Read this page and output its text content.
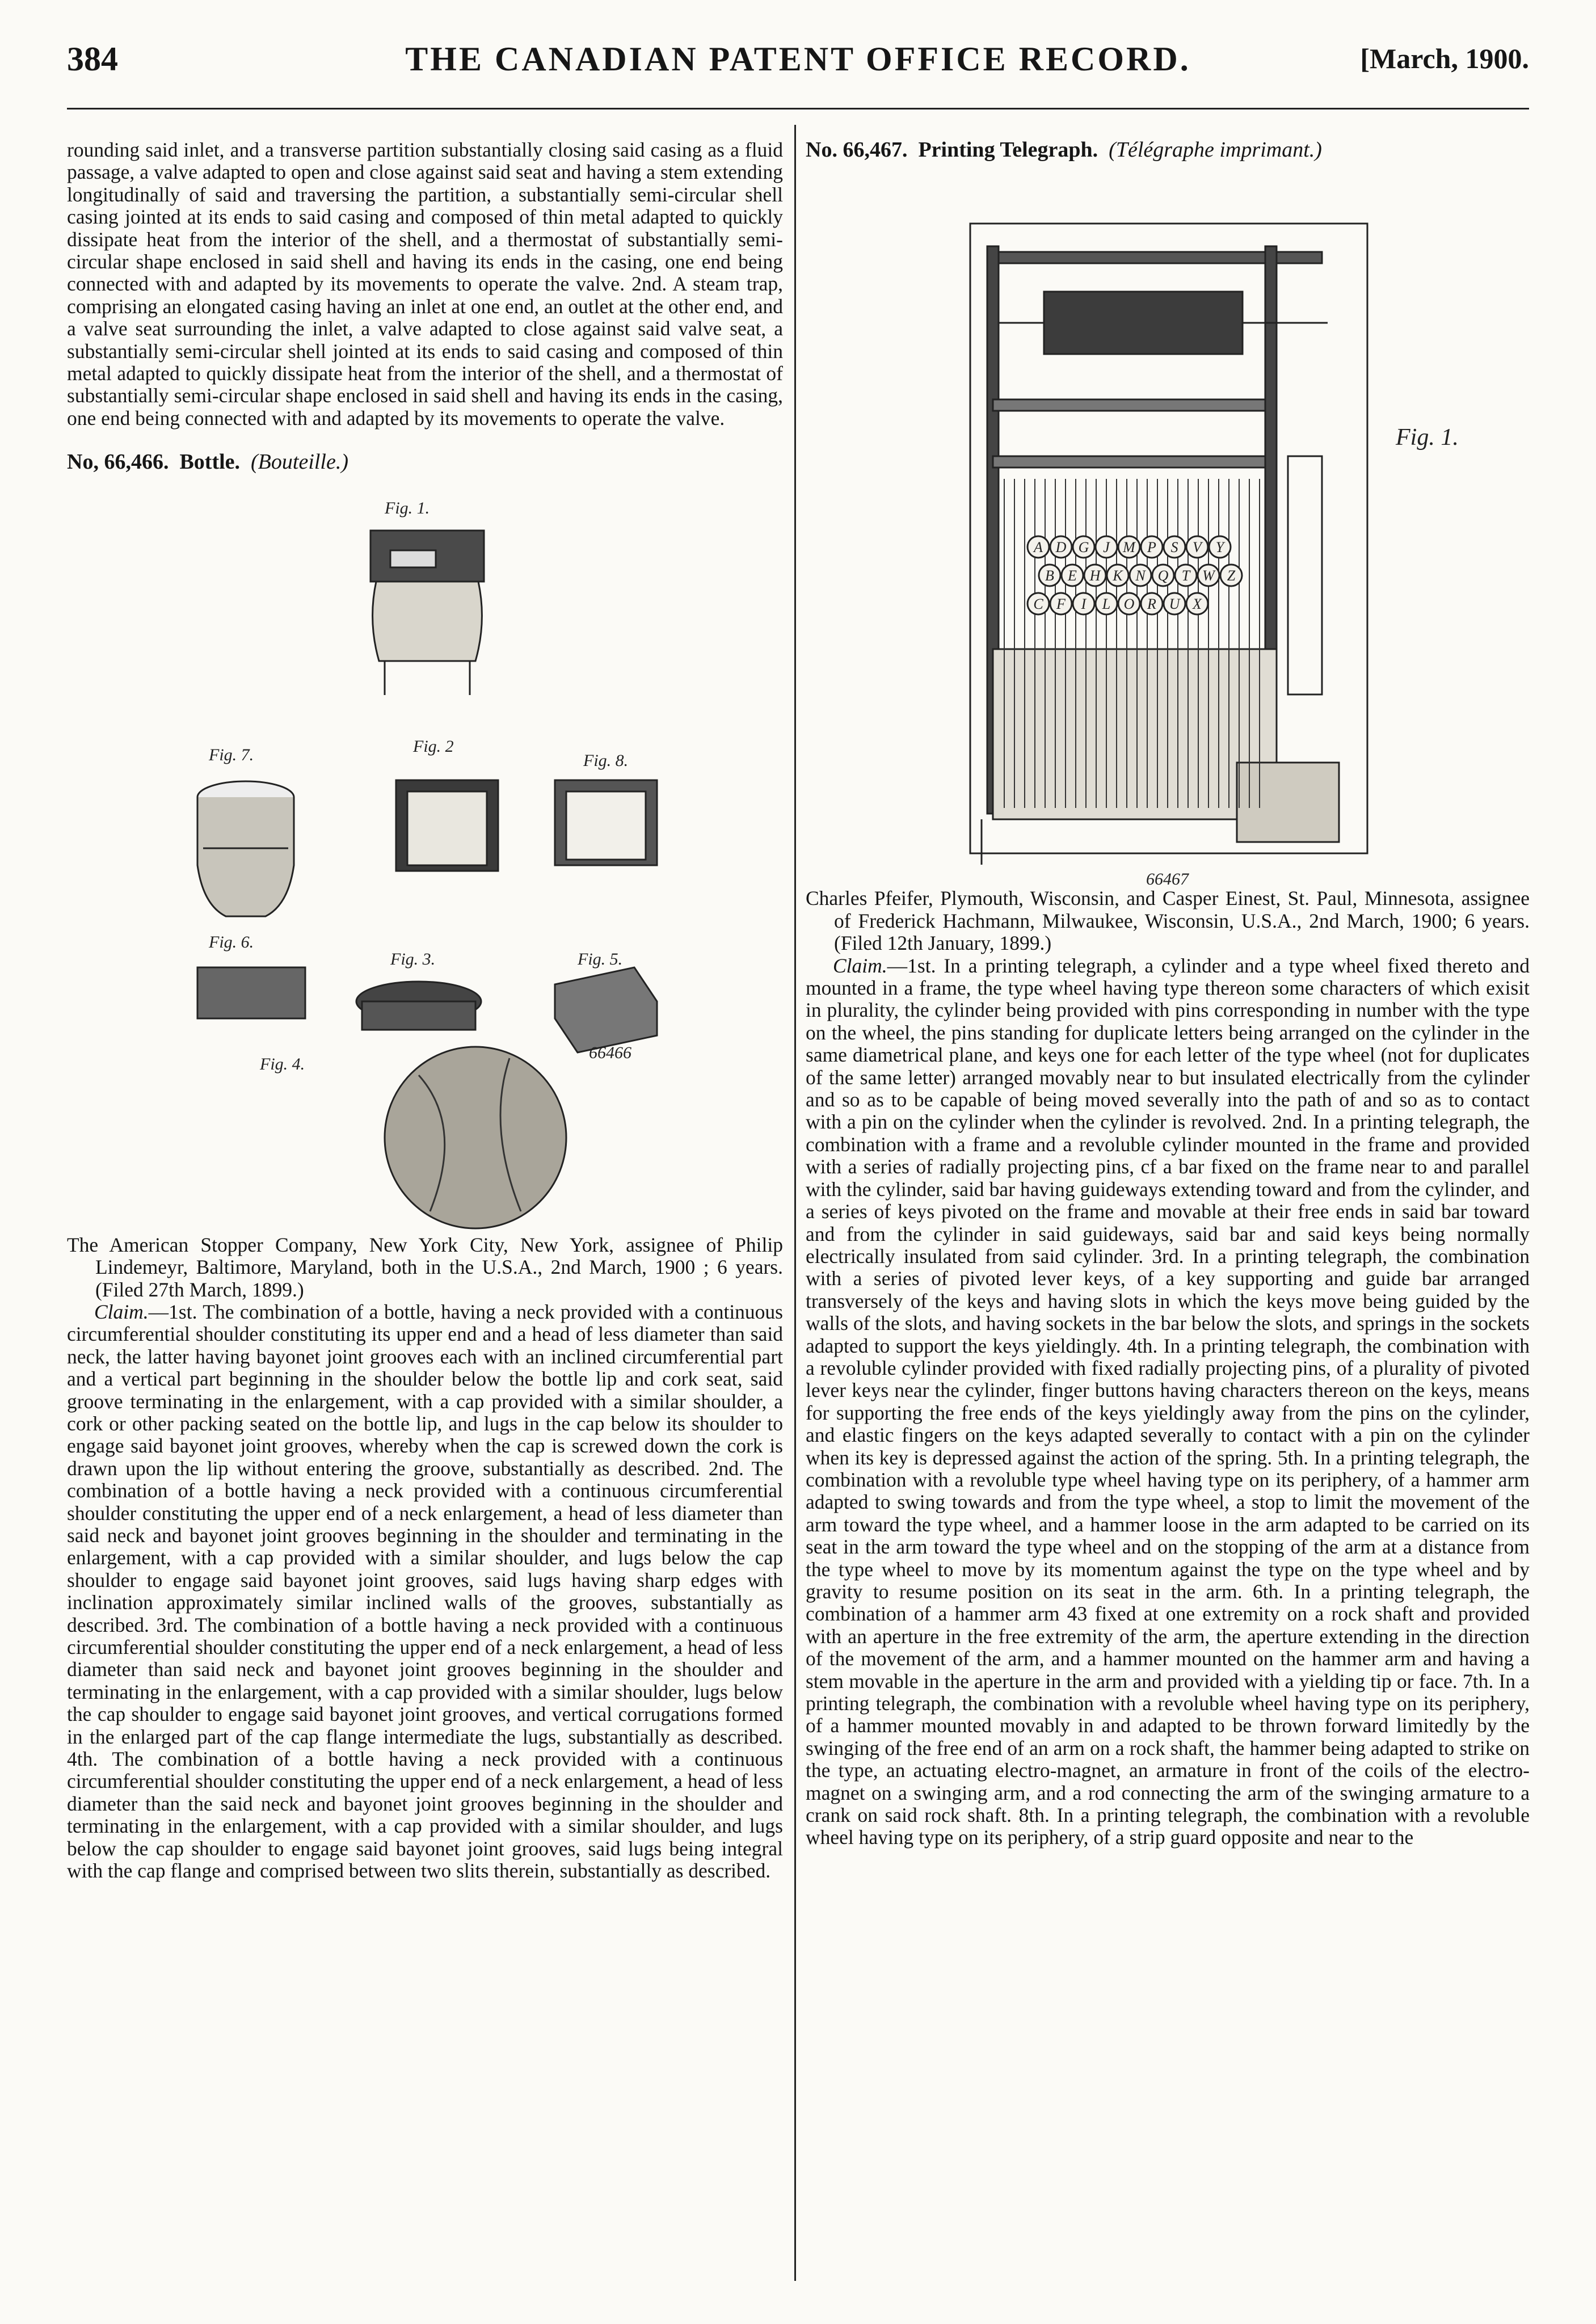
384	THE CANADIAN PATENT OFFICE RECORD.	[March, 1900.

rounding said inlet, and a transverse partition substantially closing said casing as a fluid passage, a valve adapted to open and close against said seat and having a stem extending longitudinally of said and traversing the partition, a substantially semi-circular shell casing jointed at its ends to said casing and composed of thin metal adapted to quickly dissipate heat from the interior of the shell, and a thermostat of substantially semi-circular shape enclosed in said shell and having its ends in the casing, one end being connected with and adapted by its movements to operate the valve. 2nd. A steam trap, comprising an elongated casing having an inlet at one end, an outlet at the other end, and a valve seat surrounding the inlet, a valve adapted to close against said valve seat, a substantially semi-circular shell jointed at its ends to said casing and composed of thin metal adapted to quickly dissipate heat from the interior of the shell, and a thermostat of substantially semi-circular shape enclosed in said shell and having its ends in the casing, one end being connected with and adapted by its movements to operate the valve.

No, 66,466. Bottle. (Bouteille.)

Fig. 1.
Fig. 2
Fig. 7.	Fig. 8.
Fig. 6.
Fig. 3.	Fig. 5.
Fig. 4.
66466

The American Stopper Company, New York City, New York, assignee of Philip Lindemeyr, Baltimore, Maryland, both in the U.S.A., 2nd March, 1900 ; 6 years. (Filed 27th March, 1899.)

Claim.—1st. The combination of a bottle, having a neck provided with a continuous circumferential shoulder constituting its upper end and a head of less diameter than said neck, the latter having bayonet joint grooves each with an inclined circumferential part and a vertical part beginning in the shoulder below the bottle lip and cork seat, said groove terminating in the enlargement, with a cap provided with a similar shoulder, a cork or other packing seated on the bottle lip, and lugs in the cap below its shoulder to engage said bayonet joint grooves, whereby when the cap is screwed down the cork is drawn upon the lip without entering the groove, substantially as described. 2nd. The combination of a bottle having a neck provided with a continuous circumferential shoulder constituting the upper end of a neck enlargement, a head of less diameter than said neck and bayonet joint grooves beginning in the shoulder and terminating in the enlargement, with a cap provided with a similar shoulder, and lugs below the cap shoulder to engage said bayonet joint grooves, said lugs having sharp edges with inclination approximately similar inclined walls of the grooves, substantially as described. 3rd. The combination of a bottle having a neck provided with a continuous circumferential shoulder constituting the upper end of a neck enlargement, a head of less diameter than said neck and bayonet joint grooves beginning in the shoulder and terminating in the enlargement, with a cap provided with a similar shoulder, lugs below the cap shoulder to engage said bayonet joint grooves, and vertical corrugations formed in the enlarged part of the cap flange intermediate the lugs, substantially as described. 4th. The combination of a bottle having a neck provided with a continuous circumferential shoulder constituting the upper end of a neck enlargement, a head of less diameter than the said neck and bayonet joint grooves beginning in the shoulder and terminating in the enlargement, with a cap provided with a similar shoulder, and lugs below the cap shoulder to engage said bayonet joint grooves, said lugs being integral with the cap flange and comprised between two slits therein, substantially as described.

No. 66,467. Printing Telegraph. (Télégraphe imprimant.)

A D G J M P S V Y
B E H K N Q T W Z
C F I L O R U X
Fig. 1.
66467

Charles Pfeifer, Plymouth, Wisconsin, and Casper Einest, St. Paul, Minnesota, assignee of Frederick Hachmann, Milwaukee, Wisconsin, U.S.A., 2nd March, 1900; 6 years. (Filed 12th January, 1899.)

Claim.—1st. In a printing telegraph, a cylinder and a type wheel fixed thereto and mounted in a frame, the type wheel having type thereon some characters of which exisit in plurality, the cylinder being provided with pins corresponding in number with the type on the wheel, the pins standing for duplicate letters being arranged on the cylinder in the same diametrical plane, and keys one for each letter of the type wheel (not for duplicates of the same letter) arranged movably near to but insulated electrically from the cylinder and so as to be capable of being moved severally into the path of and so as to contact with a pin on the cylinder when the cylinder is revolved. 2nd. In a printing telegraph, the combination with a frame and a revoluble cylinder mounted in the frame and provided with a series of radially projecting pins, cf a bar fixed on the frame near to and parallel with the cylinder, said bar having guideways extending toward and from the cylinder, and a series of keys pivoted on the frame and movable at their free ends in said bar toward and from the cylinder in said guideways, said bar and said keys being normally electrically insulated from said cylinder. 3rd. In a printing telegraph, the combination with a series of pivoted lever keys, of a key supporting and guide bar arranged transversely of the keys and having slots in which the keys move being guided by the walls of the slots, and having sockets in the bar below the slots, and springs in the sockets adapted to support the keys yieldingly. 4th. In a printing telegraph, the combination with a revoluble cylinder provided with fixed radially projecting pins, of a plurality of pivoted lever keys near the cylinder, finger buttons having characters thereon on the keys, means for supporting the free ends of the keys yieldingly away from the pins on the cylinder, and elastic fingers on the keys adapted severally to contact with a pin on the cylinder when its key is depressed against the action of the spring. 5th. In a printing telegraph, the combination with a revoluble type wheel having type on its periphery, of a hammer arm adapted to swing towards and from the type wheel, a stop to limit the movement of the arm toward the type wheel, and a hammer loose in the arm adapted to be carried on its seat in the arm toward the type wheel and on the stopping of the arm at a distance from the type wheel to move by its momentum against the type on the type wheel and by gravity to resume position on its seat in the arm. 6th. In a printing telegraph, the combination of a hammer arm 43 fixed at one extremity on a rock shaft and provided with an aperture in the free extremity of the arm, the aperture extending in the direction of the movement of the arm, and a hammer mounted on the hammer arm and having a stem movable in the aperture in the arm and provided with a yielding tip or face. 7th. In a printing telegraph, the combination with a revoluble wheel having type on its periphery, of a hammer mounted movably in and adapted to be thrown forward limitedly by the swinging of the free end of an arm on a rock shaft, the hammer being adapted to strike on the type, an actuating electro-magnet, an armature in front of the coils of the electro-magnet on a swinging arm, and a rod connecting the arm of the swinging armature to a crank on said rock shaft. 8th. In a printing telegraph, the combination with a revoluble wheel having type on its periphery, of a strip guard opposite and near to the
